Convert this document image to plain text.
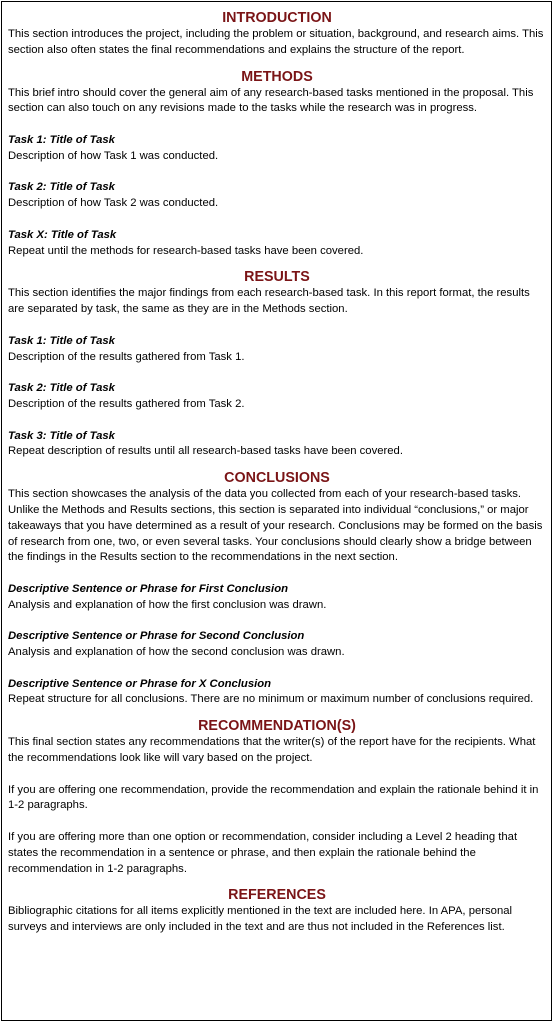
INTRODUCTION

This section introduces the project, including the problem or situation, background, and research aims. This section also often states the final recommendations and explains the structure of the report.

METHODS

This brief intro should cover the general aim of any research-based tasks mentioned in the proposal. This section can also touch on any revisions made to the tasks while the research was in progress.

Task 1: Title of Task

Description of how Task 1 was conducted.

Task 2: Title of Task

Description of how Task 2 was conducted.

Task X: Title of Task

Repeat until the methods for research-based tasks have been covered.

RESULTS

This section identifies the major findings from each research-based task. In this report format, the results are separated by task, the same as they are in the Methods section.

Task 1: Title of Task

Description of the results gathered from Task 1.

Task 2: Title of Task

Description of the results gathered from Task 2.

Task 3: Title of Task

Repeat description of results until all research-based tasks have been covered.

CONCLUSIONS

This section showcases the analysis of the data you collected from each of your research-based tasks. Unlike the Methods and Results sections, this section is separated into individual “conclusions,” or major takeaways that you have determined as a result of your research. Conclusions may be formed on the basis of research from one, two, or even several tasks. Your conclusions should clearly show a bridge between the findings in the Results section to the recommendations in the next section.

Descriptive Sentence or Phrase for First Conclusion

Analysis and explanation of how the first conclusion was drawn.

Descriptive Sentence or Phrase for Second Conclusion

Analysis and explanation of how the second conclusion was drawn.

Descriptive Sentence or Phrase for X Conclusion

Repeat structure for all conclusions. There are no minimum or maximum number of conclusions required.

RECOMMENDATION(S)

This final section states any recommendations that the writer(s) of the report have for the recipients. What the recommendations look like will vary based on the project.

If you are offering one recommendation, provide the recommendation and explain the rationale behind it in 1-2 paragraphs.

If you are offering more than one option or recommendation, consider including a Level 2 heading that states the recommendation in a sentence or phrase, and then explain the rationale behind the recommendation in 1-2 paragraphs.

REFERENCES

Bibliographic citations for all items explicitly mentioned in the text are included here. In APA, personal surveys and interviews are only included in the text and are thus not included in the References list.
